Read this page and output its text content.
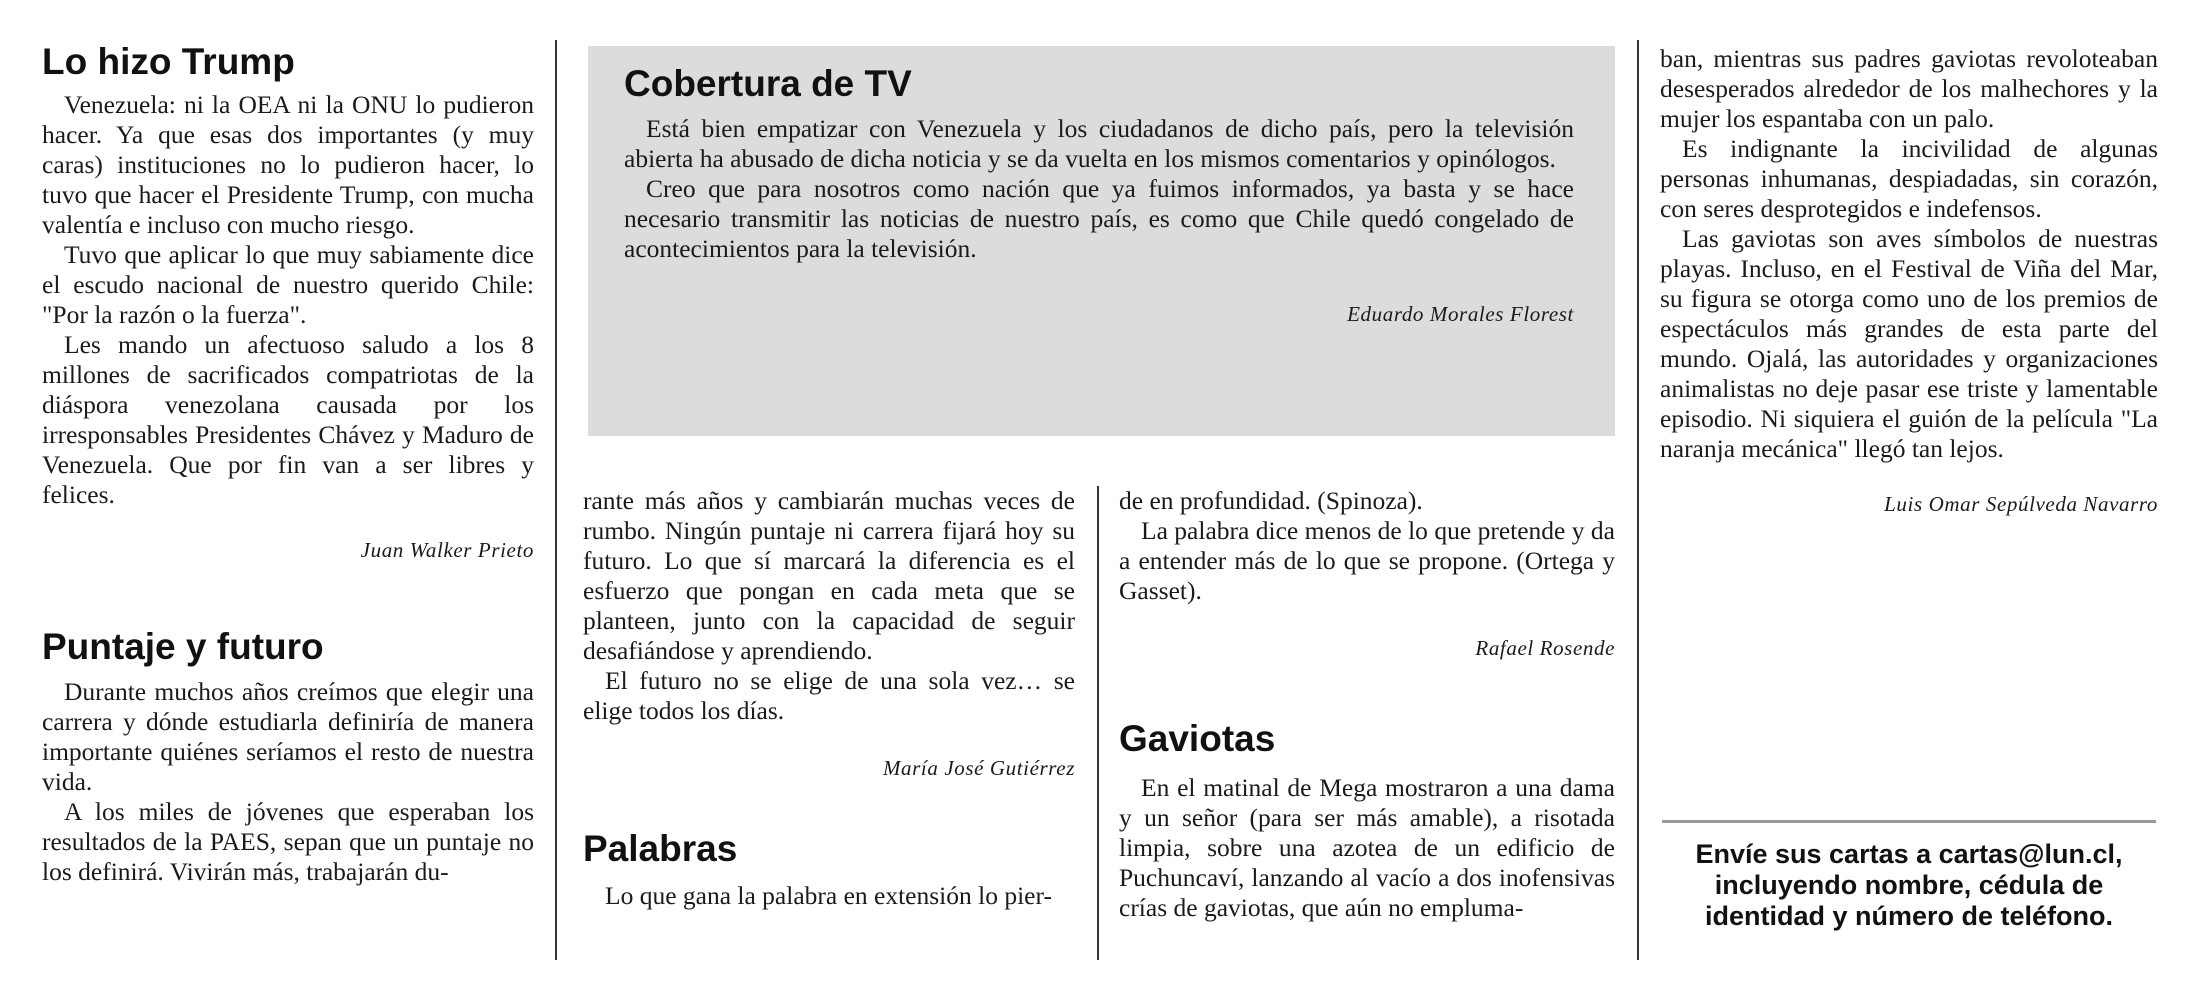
Lo hizo Trump

Venezuela: ni la OEA ni la ONU lo pudieron hacer. Ya que esas dos importantes (y muy caras) instituciones no lo pudieron hacer, lo tuvo que hacer el Presidente Trump, con mucha valentía e incluso con mucho riesgo.

Tuvo que aplicar lo que muy sabiamente dice el escudo nacional de nuestro querido Chile: "Por la razón o la fuerza".

Les mando un afectuoso saludo a los 8 millones de sacrificados compatriotas de la diáspora venezolana causada por los irresponsables Presidentes Chávez y Maduro de Venezuela. Que por fin van a ser libres y felices.

Juan Walker Prieto
Puntaje y futuro

Durante muchos años creímos que elegir una carrera y dónde estudiarla definiría de manera importante quiénes seríamos el resto de nuestra vida.

A los miles de jóvenes que esperaban los resultados de la PAES, sepan que un puntaje no los definirá. Vivirán más, trabajarán du-

Cobertura de TV

Está bien empatizar con Venezuela y los ciudadanos de dicho país, pero la televisión abierta ha abusado de dicha noticia y se da vuelta en los mismos comentarios y opinólogos.

Creo que para nosotros como nación que ya fuimos informados, ya basta y se hace necesario transmitir las noticias de nuestro país, es como que Chile quedó congelado de acontecimientos para la televisión.

Eduardo Morales Florest

rante más años y cambiarán muchas veces de rumbo. Ningún puntaje ni carrera fijará hoy su futuro. Lo que sí marcará la diferencia es el esfuerzo que pongan en cada meta que se planteen, junto con la capacidad de seguir desafiándose y aprendiendo.

El futuro no se elige de una sola vez… se elige todos los días.

María José Gutiérrez
Palabras

Lo que gana la palabra en extensión lo pier-

de en profundidad. (Spinoza).

La palabra dice menos de lo que pretende y da a entender más de lo que se propone. (Ortega y Gasset).

Rafael Rosende
Gaviotas

En el matinal de Mega mostraron a una dama y un señor (para ser más amable), a risotada limpia, sobre una azotea de un edificio de Puchuncaví, lanzando al vacío a dos inofensivas crías de gaviotas, que aún no empluma-

ban, mientras sus padres gaviotas revoloteaban desesperados alrededor de los malhechores y la mujer los espantaba con un palo.

Es indignante la incivilidad de algunas personas inhumanas, despiadadas, sin corazón, con seres desprotegidos e indefensos.

Las gaviotas son aves símbolos de nuestras playas. Incluso, en el Festival de Viña del Mar, su figura se otorga como uno de los premios de espectáculos más grandes de esta parte del mundo. Ojalá, las autoridades y organizaciones animalistas no deje pasar ese triste y lamentable episodio. Ni siquiera el guión de la película "La naranja mecánica" llegó tan lejos.

Luis Omar Sepúlveda Navarro
Envíe sus cartas a cartas@lun.cl, incluyendo nombre, cédula de identidad y número de teléfono.
